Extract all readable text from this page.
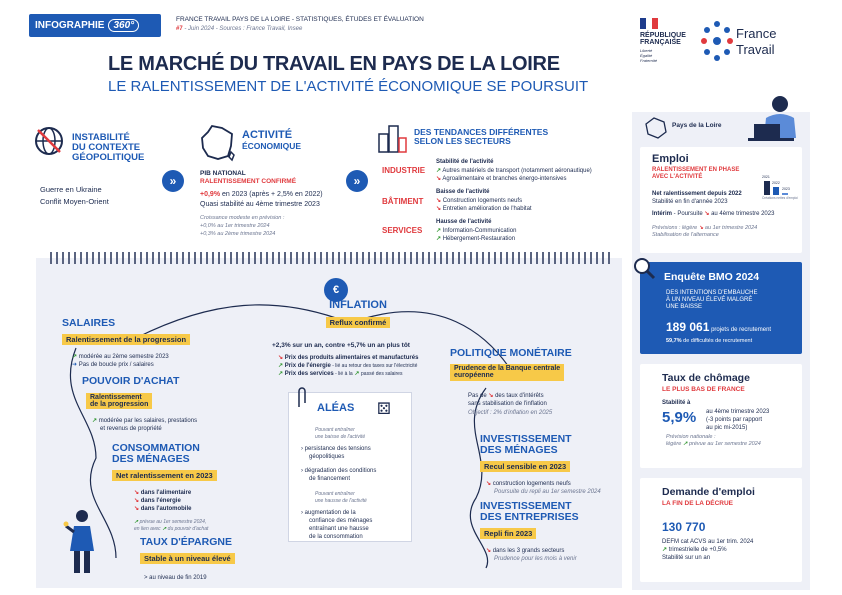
INFOGRAPHIE 360°
FRANCE TRAVAIL PAYS DE LA LOIRE - STATISTIQUES, ÉTUDES ET ÉVALUATION
#7 - Juin 2024 - Sources : France Travail, Insee
LE MARCHÉ DU TRAVAIL EN PAYS DE LA LOIRE
LE RALENTISSEMENT DE L'ACTIVITÉ ÉCONOMIQUE SE POURSUIT
RÉPUBLIQUE
FRANÇAISE
Liberté
Égalité
Fraternité
France
Travail
INSTABILITÉ
DU CONTEXTE
GÉOPOLITIQUE
Guerre en Ukraine
Conflit Moyen-Orient
»
ACTIVITÉ
ÉCONOMIQUE
PIB NATIONAL
RALENTISSEMENT CONFIRMÉ
+0,9% en 2023 (après + 2,5% en 2022)
Quasi stabilité au 4ème trimestre 2023
Croissance modeste en prévision :
+0,0% au 1er trimestre 2024
+0,3% au 2ème trimestre 2024
»
DES TENDANCES DIFFÉRENTES
SELON LES SECTEURS
INDUSTRIE
Stabilité de l'activité
↗ Autres matériels de transport (notamment aéronautique)
↘ Agroalimentaire et branches énergo-intensives
BÂTIMENT
Baisse de l'activité
↘ Construction logements neufs
↘ Entretien amélioration de l'habitat
SERVICES
Hausse de l'activité
↗ Information-Communication
↗ Hébergement-Restauration
€
SALAIRES
Ralentissement de la progression
↗ modérée au 2ème semestre 2023
➜ Pas de boucle prix / salaires
POUVOIR D'ACHAT
Ralentissement
de la progression
↗ modérée par les salaires, prestations
et revenus de propriété
CONSOMMATION
DES MÉNAGES
Net ralentissement en 2023
↘ dans l'alimentaire
↘ dans l'énergie
↘ dans l'automobile
↗ prévue au 1er semestre 2024,
en lien avec ↗ du pouvoir d'achat
TAUX D'ÉPARGNE
Stable à un niveau élevé
> au niveau de fin 2019
INFLATION
Reflux confirmé
+2,3% sur un an, contre +5,7% un an plus tôt
↘ Prix des produits alimentaires et manufacturés
↗ Prix de l'énergie - lié au retour des taxes sur l'électricité
↗ Prix des services - lié à la ↗ passé des salaires
ALÉAS ⚄
Pouvant entraîner
une baisse de l'activité
› persistance des tensions
géopolitiques
› dégradation des conditions
de financement
Pouvant entraîner
une hausse de l'activité
› augmentation de la
confiance des ménages
entraînant une hausse
de la consommation
POLITIQUE MONÉTAIRE
Prudence de la Banque centrale
européenne
Pas de ↘ des taux d'intérêts
sans stabilisation de l'inflation
Objectif : 2% d'inflation en 2025
INVESTISSEMENT
DES MÉNAGES
Recul sensible en 2023
↘ construction logements neufs
Poursuite du repli au 1er semestre 2024
INVESTISSEMENT
DES ENTREPRISES
Repli fin 2023
↘ dans les 3 grands secteurs
Prudence pour les mois à venir
Pays de la Loire
Emploi
RALENTISSEMENT EN PHASE
AVEC L'ACTIVITÉ	2021
2022
2023
Créations nettes d'emploi
Net ralentissement depuis 2022
Stabilité en fin d'année 2023
Intérim - Poursuite ↘ au 4ème trimestre 2023
Prévisions : légère ↘ au 1er trimestre 2024
Stabilisation de l'alternance
Enquête BMO 2024
DES INTENTIONS D'EMBAUCHE
À UN NIVEAU ÉLEVÉ MALGRÉ
UNE BAISSE
189 061 projets de recrutement
59,7% de difficultés de recrutement
Taux de chômage
LE PLUS BAS DE FRANCE
Stabilité à
5,9% au 4ème trimestre 2023
(-3 points par rapport
au pic mi-2015)
Prévision nationale :
légère ↗ prévue au 1er semestre 2024
Demande d'emploi
LA FIN DE LA DÉCRUE
130 770
DEFM cat ACVS au 1er trim. 2024
↗ trimestrielle de +0,5%
Stabilité sur un an
